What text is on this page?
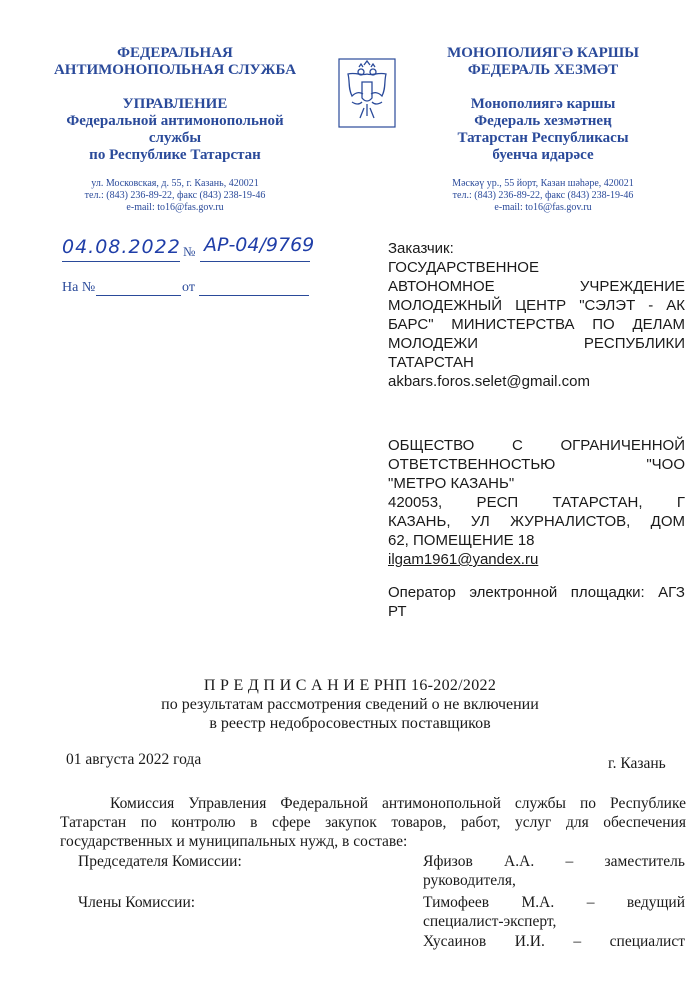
ФЕДЕРАЛЬНАЯ
АНТИМОНОПОЛЬНАЯ СЛУЖБА
УПРАВЛЕНИЕ
Федеральной антимонопольной
службы
по Республике Татарстан
ул. Московская, д. 55, г. Казань, 420021
тел.: (843) 236-89-22, факс (843) 238-19-46
e-mail: to16@fas.gov.ru
МОНОПОЛИЯГӘ КАРШЫ
ФЕДЕРАЛЬ ХЕЗМӘТ
Монополиягә каршы
Федераль хезмәтнең
Татарстан Республикасы
буенча идарәсе
Мәскәү ур., 55 йорт, Казан шәһәре, 420021
тел.: (843) 236-89-22, факс (843) 238-19-46
e-mail: to16@fas.gov.ru
04.08.2022 № АР-04/9769
На №	от
Заказчик:
ГОСУДАРСТВЕННОЕ
АВТОНОМНОЕ УЧРЕЖДЕНИЕ
МОЛОДЕЖНЫЙ ЦЕНТР "СЭЛЭТ - АК
БАРС" МИНИСТЕРСТВА ПО ДЕЛАМ
МОЛОДЕЖИ РЕСПУБЛИКИ
ТАТАРСТАН
akbars.foros.selet@gmail.com
ОБЩЕСТВО С ОГРАНИЧЕННОЙ
ОТВЕТСТВЕННОСТЬЮ "ЧОО
"МЕТРО КАЗАНЬ"
420053, РЕСП ТАТАРСТАН, Г
КАЗАНЬ, УЛ ЖУРНАЛИСТОВ, ДОМ
62, ПОМЕЩЕНИЕ 18
ilgam1961@yandex.ru
Оператор электронной площадки: АГЗ
РТ
П Р Е Д П И С А Н И Е РНП 16-202/2022
по результатам рассмотрения сведений о не включении
в реестр недобросовестных поставщиков
01 августа 2022 года	г. Казань
Комиссия Управления Федеральной антимонопольной службы по Республике
Татарстан по контролю в сфере закупок товаров, работ, услуг для обеспечения
государственных и муниципальных нужд, в составе:
Председателя Комиссии:	Яфизов А.А. – заместитель
руководителя,
Члены Комиссии:	Тимофеев М.А. – ведущий
специалист-эксперт,
Хусаинов И.И. – специалист
